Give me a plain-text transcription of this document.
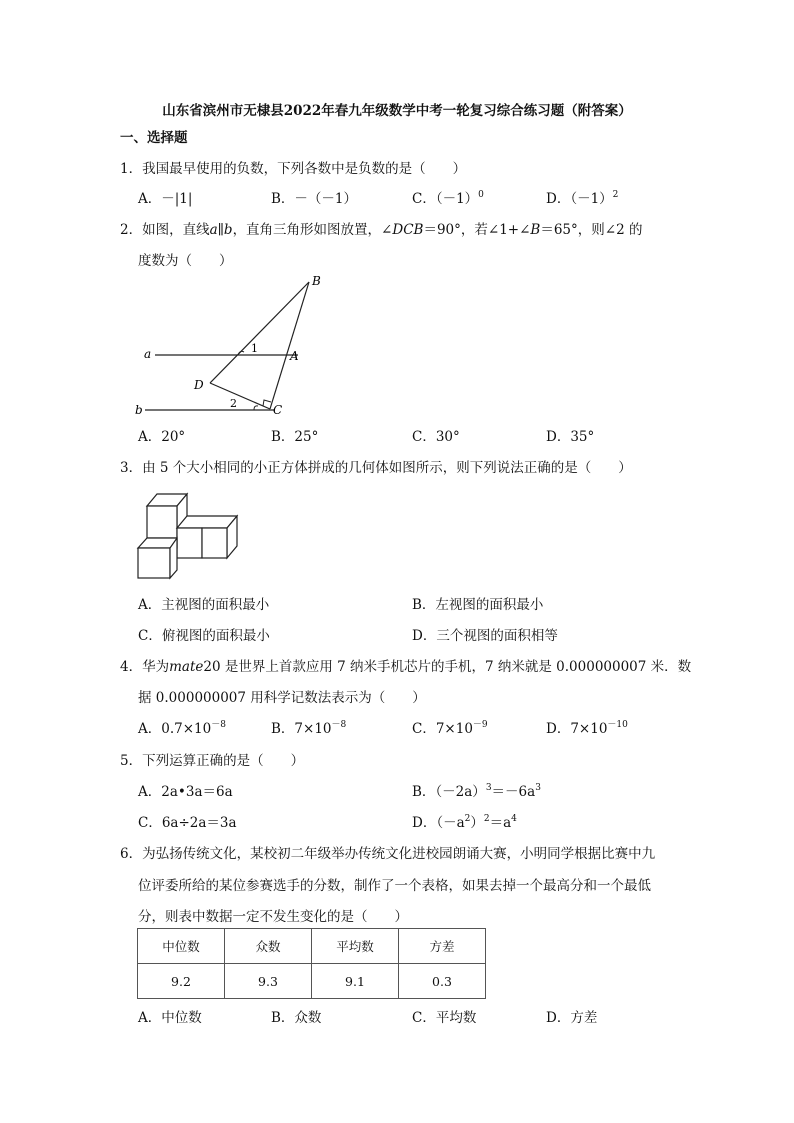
山东省滨州市无棣县2022年春九年级数学中考一轮复习综合练习题（附答案）
一、选择题
1．我国最早使用的负数，下列各数中是负数的是（　　）
A．－|1|	B．－（－1）	C．$(-1)^0$	D．$(-1)^2$
2．如图，直线a∥b，直角三角形如图放置，∠DCB＝90°，若∠1+∠B＝65°，则∠2 的
度数为（　　）
B
A
a
D
b	C
1
2
A．20°	B．25°	C．30°	D．35°
3．由 5 个大小相同的小正方体拼成的几何体如图所示，则下列说法正确的是（　　）
A．主视图的面积最小	B．左视图的面积最小
C．俯视图的面积最小	D．三个视图的面积相等
4．华为mate20 是世界上首款应用 7 纳米手机芯片的手机，7 纳米就是 0.000000007 米．数
据 0.000000007 用科学记数法表示为（　　）
A．$0.7\times 10^{-8}$	B．$7\times 10^{-8}$	C．$7\times 10^{-9}$	D．$7\times 10^{-10}$
5．下列运算正确的是（　　）
A．2a•3a＝6a	B．$(-2a)^3=-6a^3$
C．6a÷2a＝3a	D．$(-a^2)^2=a^4$
6．为弘扬传统文化，某校初二年级举办传统文化进校园朗诵大赛，小明同学根据比赛中九
位评委所给的某位参赛选手的分数，制作了一个表格，如果去掉一个最高分和一个最低
分，则表中数据一定不发生变化的是（　　）
中位数	众数	平均数	方差
9.2	9.3	9.1	0.3
A．中位数	B．众数	C．平均数	D．方差
